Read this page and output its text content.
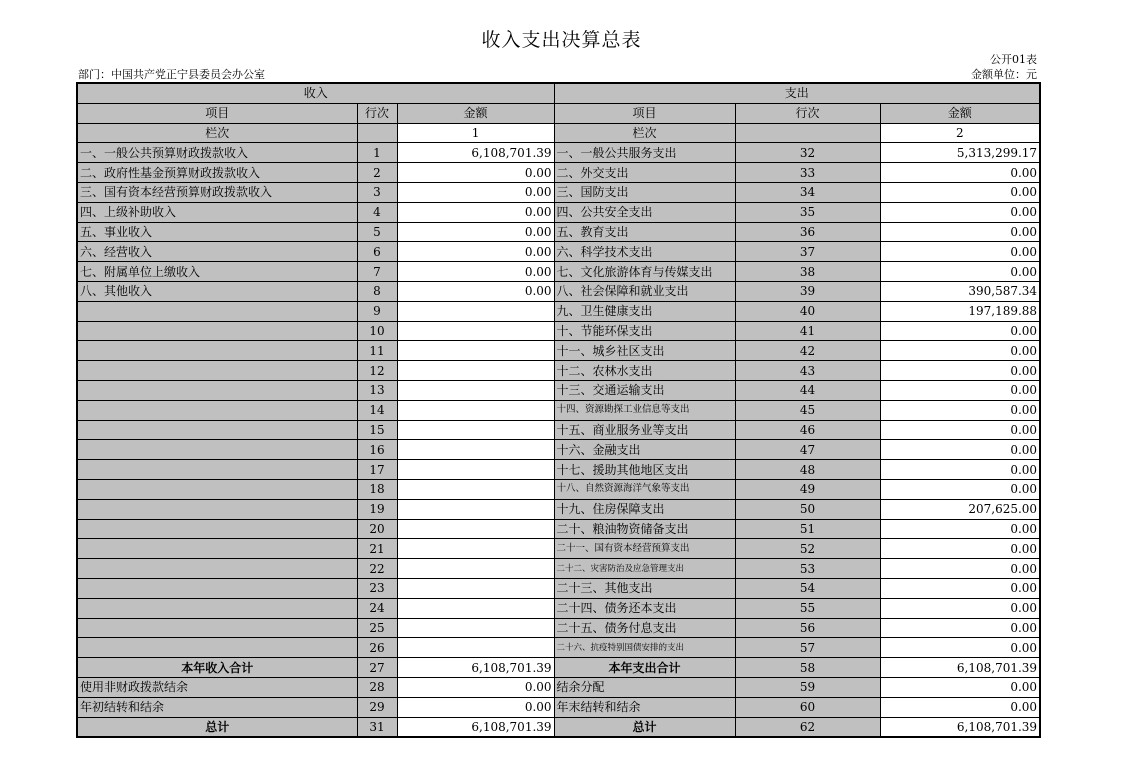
收入支出决算总表
公开01表
部门：中国共产党正宁县委员会办公室	金额单位：元
收入			支出		
项目	行次	金额	项目	行次	金额
栏次		1	栏次		2
一、一般公共预算财政拨款收入	1	6,108,701.39	一、一般公共服务支出	32	5,313,299.17
二、政府性基金预算财政拨款收入	2	0.00	二、外交支出	33	0.00
三、国有资本经营预算财政拨款收入	3	0.00	三、国防支出	34	0.00
四、上级补助收入	4	0.00	四、公共安全支出	35	0.00
五、事业收入	5	0.00	五、教育支出	36	0.00
六、经营收入	6	0.00	六、科学技术支出	37	0.00
七、附属单位上缴收入	7	0.00	七、文化旅游体育与传媒支出	38	0.00
八、其他收入	8	0.00	八、社会保障和就业支出	39	390,587.34
	9		九、卫生健康支出	40	197,189.88
	10		十、节能环保支出	41	0.00
	11		十一、城乡社区支出	42	0.00
	12		十二、农林水支出	43	0.00
	13		十三、交通运输支出	44	0.00
	14		十四、资源勘探工业信息等支出	45	0.00
	15		十五、商业服务业等支出	46	0.00
	16		十六、金融支出	47	0.00
	17		十七、援助其他地区支出	48	0.00
	18		十八、自然资源海洋气象等支出	49	0.00
	19		十九、住房保障支出	50	207,625.00
	20		二十、粮油物资储备支出	51	0.00
	21		二十一、国有资本经营预算支出	52	0.00
	22		二十二、灾害防治及应急管理支出	53	0.00
	23		二十三、其他支出	54	0.00
	24		二十四、债务还本支出	55	0.00
	25		二十五、债务付息支出	56	0.00
	26		二十六、抗疫特别国债安排的支出	57	0.00
本年收入合计	27	6,108,701.39	本年支出合计	58	6,108,701.39
使用非财政拨款结余	28	0.00	结余分配	59	0.00
年初结转和结余	29	0.00	年末结转和结余	60	0.00
总计	31	6,108,701.39	总计	62	6,108,701.39
